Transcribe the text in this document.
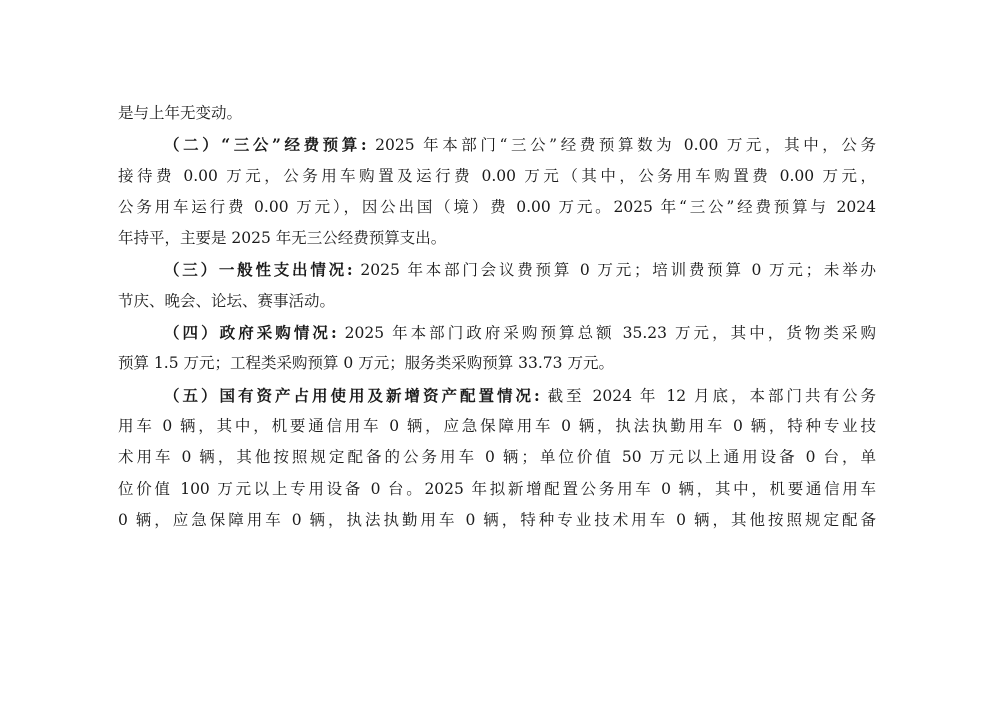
是与上年无变动。
（二）“三公”经费预算: 2025 年本部门“三公”经费预算数为 0.00 万元，其中，公务
接待费 0.00 万元，公务用车购置及运行费 0.00 万元（其中，公务用车购置费 0.00 万元，
公务用车运行费 0.00 万元），因公出国（境）费 0.00 万元。2025 年“三公”经费预算与 2024
年持平，主要是 2025 年无三公经费预算支出。
（三）一般性支出情况: 2025 年本部门会议费预算 0 万元；培训费预算 0 万元；未举办
节庆、晚会、论坛、赛事活动。
（四）政府采购情况: 2025 年本部门政府采购预算总额 35.23 万元，其中，货物类采购
预算 1.5 万元；工程类采购预算 0 万元；服务类采购预算 33.73 万元。
（五）国有资产占用使用及新增资产配置情况: 截至 2024 年 12 月底，本部门共有公务
用车 0 辆，其中，机要通信用车 0 辆，应急保障用车 0 辆，执法执勤用车 0 辆，特种专业技
术用车 0 辆，其他按照规定配备的公务用车 0 辆；单位价值 50 万元以上通用设备 0 台，单
位价值 100 万元以上专用设备 0 台。2025 年拟新增配置公务用车 0 辆，其中，机要通信用车
0 辆，应急保障用车 0 辆，执法执勤用车 0 辆，特种专业技术用车 0 辆，其他按照规定配备
